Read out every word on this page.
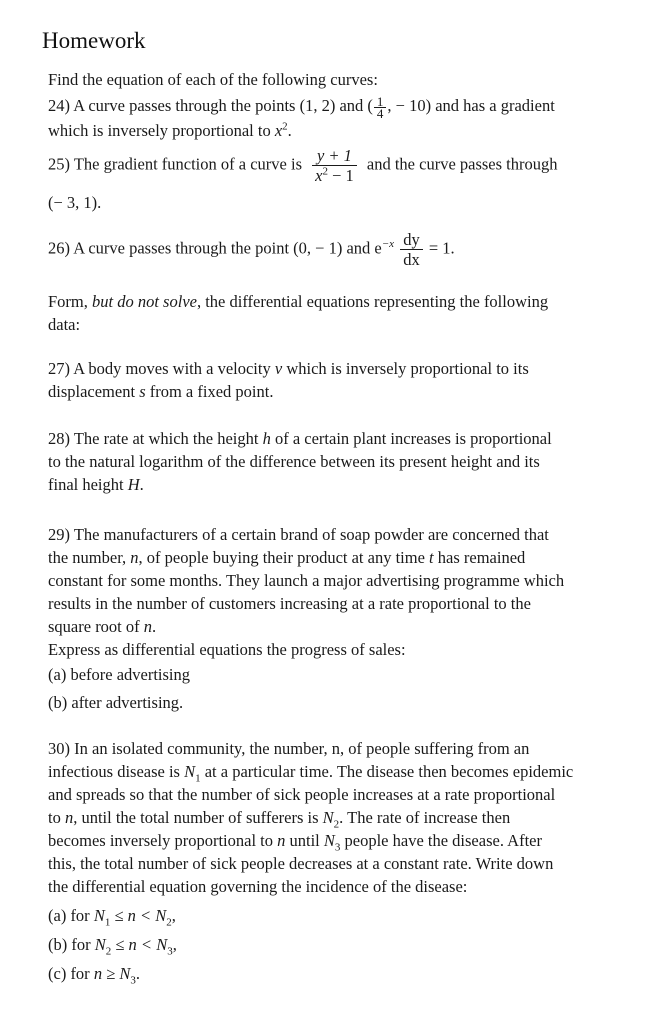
Homework
Find the equation of each of the following curves:
24) A curve passes through the points (1, 2) and ( $\frac{1}{4}$ , − 10) and has a gradient
which is inversely proportional to $x^2$.
25) The gradient function of a curve is $\frac{y + 1}{x^2 - 1}$ and the curve passes through
(− 3, 1).
26) A curve passes through the point (0, − 1) and $e^{-x} \frac{dy}{dx} = 1$.
Form, but do not solve, the differential equations representing the following
data:
27) A body moves with a velocity v which is inversely proportional to its
displacement s from a fixed point.
28) The rate at which the height h of a certain plant increases is proportional
to the natural logarithm of the difference between its present height and its
final height H.
29) The manufacturers of a certain brand of soap powder are concerned that
the number, n, of people buying their product at any time t has remained
constant for some months. They launch a major advertising programme which
results in the number of customers increasing at a rate proportional to the
square root of n.
Express as differential equations the progress of sales:
(a) before advertising
(b) after advertising.
30) In an isolated community, the number, n, of people suffering from an
infectious disease is $N_1$ at a particular time. The disease then becomes epidemic
and spreads so that the number of sick people increases at a rate proportional
to n, until the total number of sufferers is $N_2$. The rate of increase then
becomes inversely proportional to n until $N_3$ people have the disease. After
this, the total number of sick people decreases at a constant rate. Write down
the differential equation governing the incidence of the disease:
(a) for $N_1 \le n < N_2$,
(b) for $N_2 \le n < N_3$,
(c) for $n \ge N_3$.
